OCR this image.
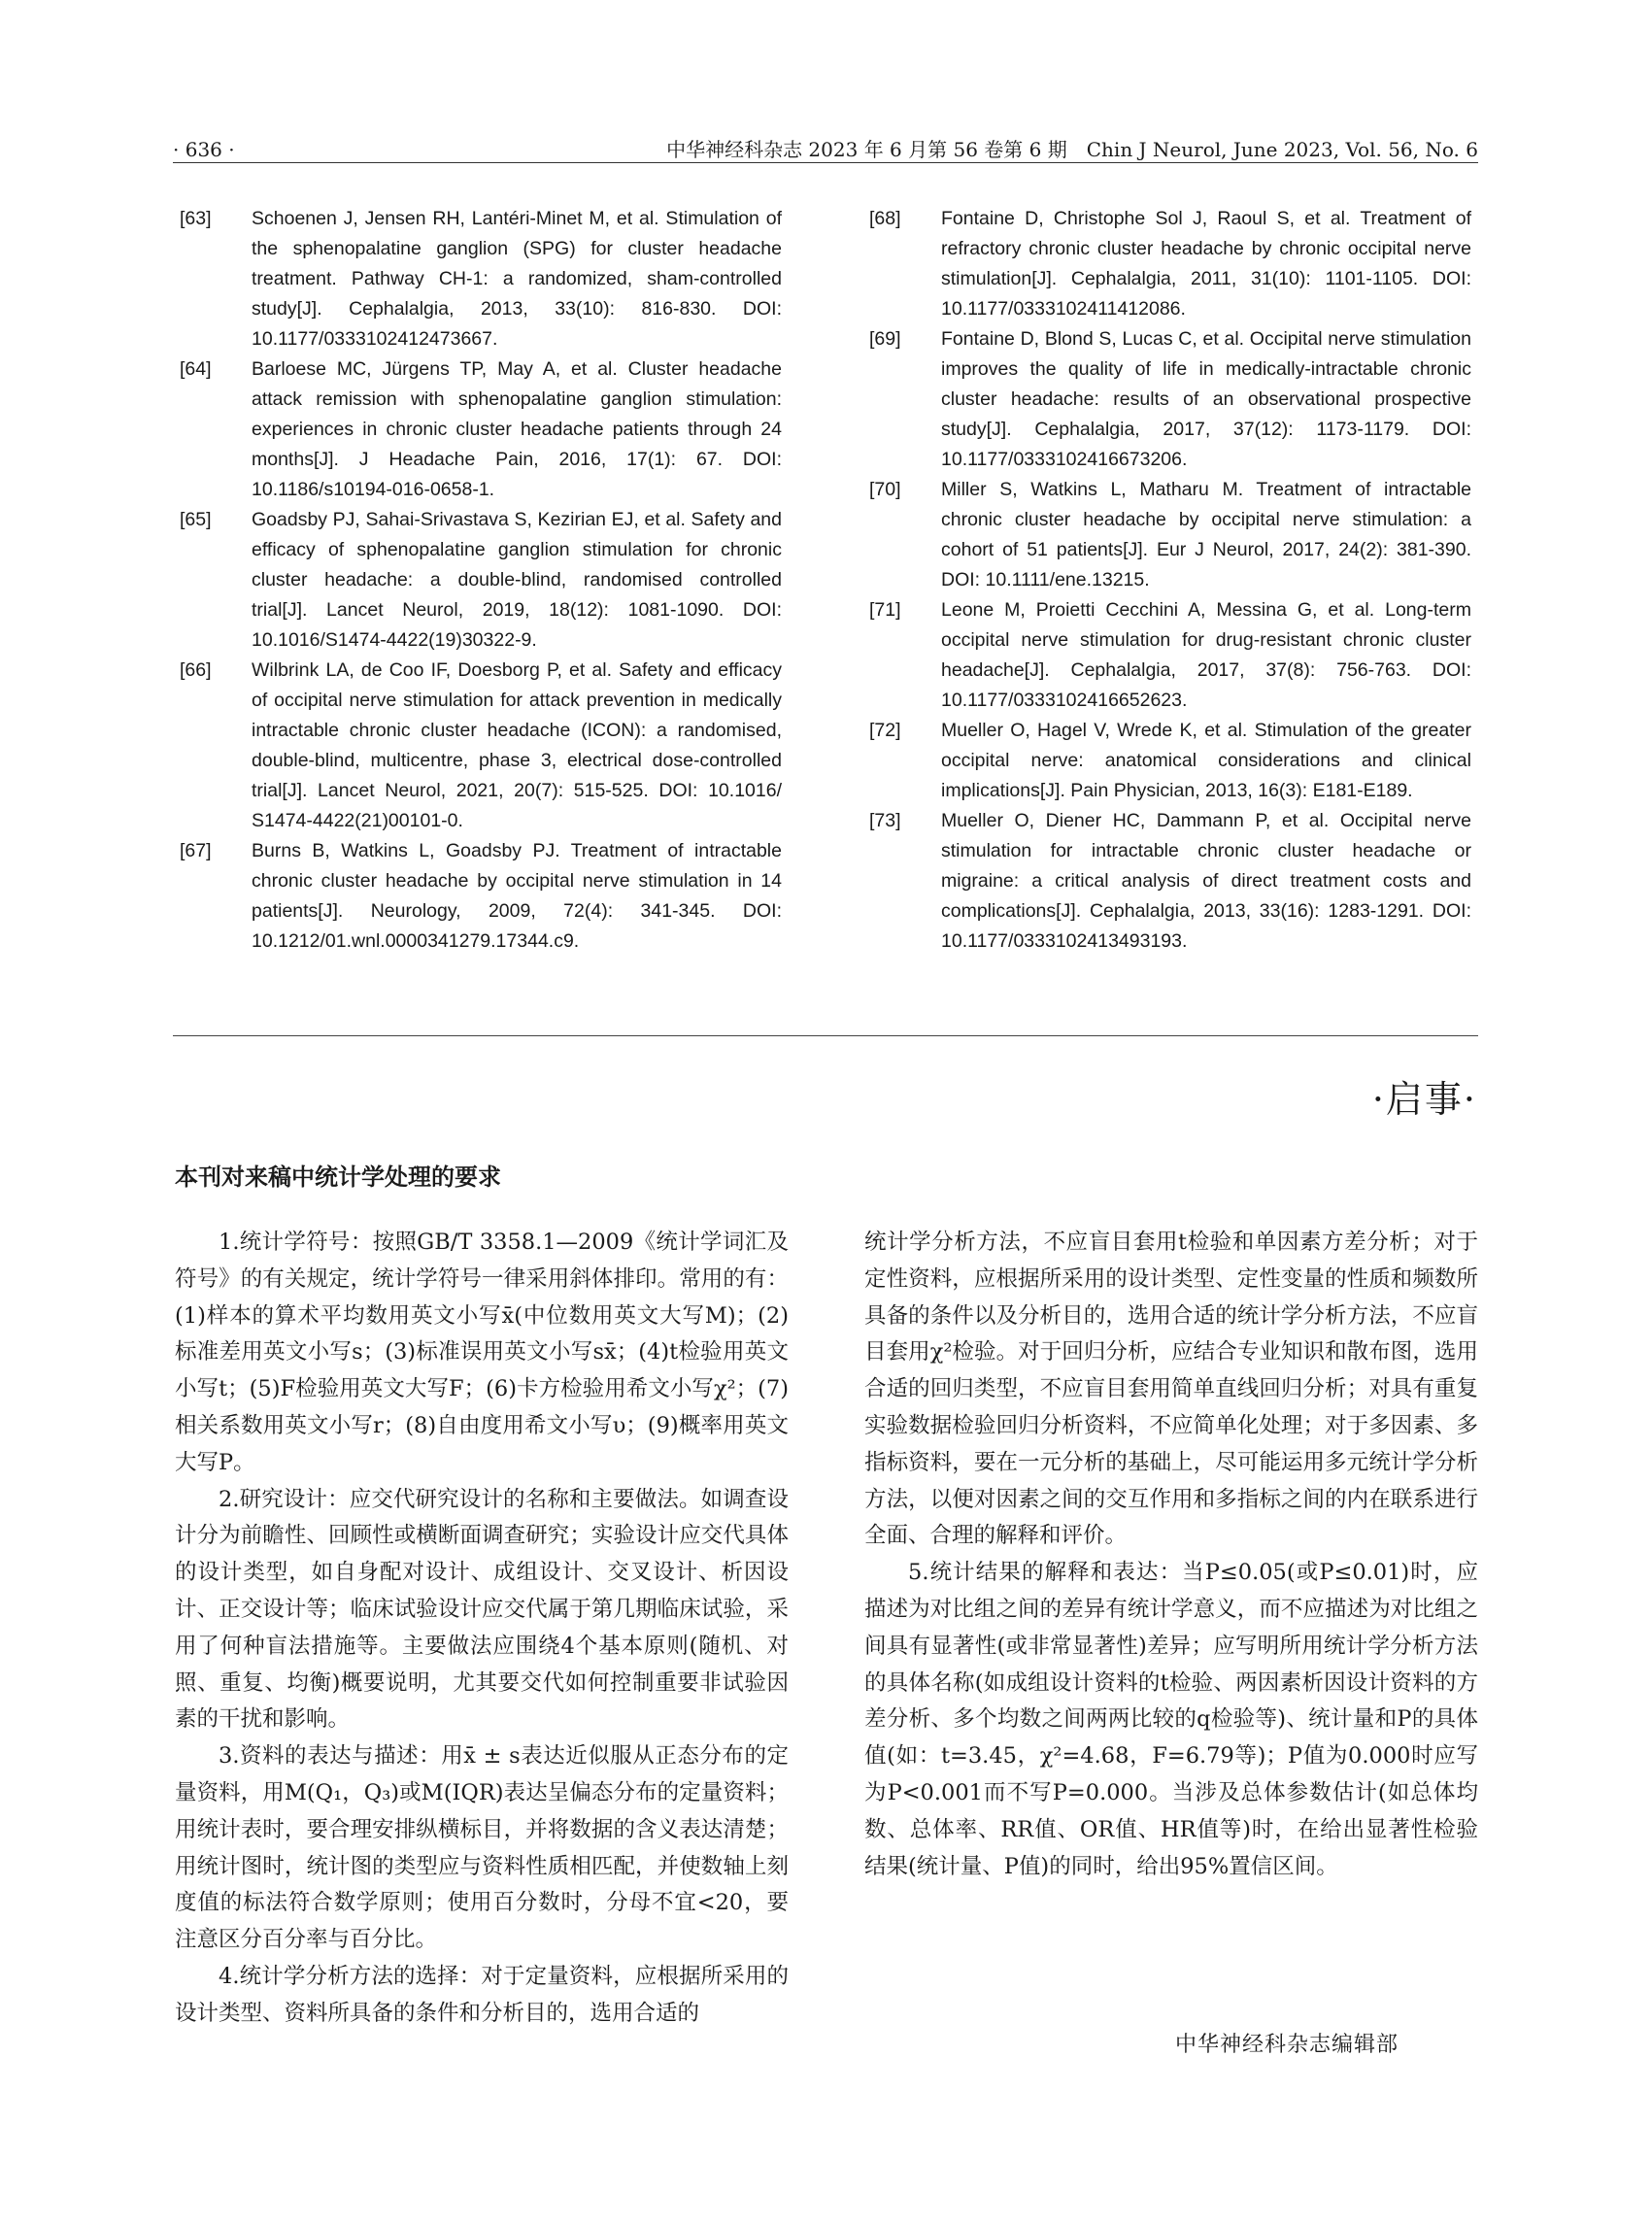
· 636 ·	中华神经科杂志 2023 年 6 月第 56 卷第 6 期　Chin J Neurol, June 2023, Vol. 56, No. 6
[63]	Schoenen J, Jensen RH, Lantéri-Minet M, et al. Stimulation of the sphenopalatine ganglion (SPG) for cluster headache treatment. Pathway CH-1: a randomized, sham-controlled study[J]. Cephalalgia, 2013, 33(10): 816-830. DOI: 10.1177/0333102412473667.
[64]	Barloese MC, Jürgens TP, May A, et al. Cluster headache attack remission with sphenopalatine ganglion stimulation: experiences in chronic cluster headache patients through 24 months[J]. J Headache Pain, 2016, 17(1): 67. DOI: 10.1186/s10194-016-0658-1.
[65]	Goadsby PJ, Sahai-Srivastava S, Kezirian EJ, et al. Safety and efficacy of sphenopalatine ganglion stimulation for chronic cluster headache: a double-blind, randomised controlled trial[J]. Lancet Neurol, 2019, 18(12): 1081-1090. DOI: 10.1016/S1474-4422(19)30322-9.
[66]	Wilbrink LA, de Coo IF, Doesborg P, et al. Safety and efficacy of occipital nerve stimulation for attack prevention in medically intractable chronic cluster headache (ICON): a randomised, double-blind, multicentre, phase 3, electrical dose-controlled trial[J]. Lancet Neurol, 2021, 20(7): 515-525. DOI: 10.1016/ S1474-4422(21)00101-0.
[67]	Burns B, Watkins L, Goadsby PJ. Treatment of intractable chronic cluster headache by occipital nerve stimulation in 14 patients[J]. Neurology, 2009, 72(4): 341-345. DOI: 10.1212/01.wnl.0000341279.17344.c9.
[68]	Fontaine D, Christophe Sol J, Raoul S, et al. Treatment of refractory chronic cluster headache by chronic occipital nerve stimulation[J]. Cephalalgia, 2011, 31(10): 1101-1105. DOI: 10.1177/0333102411412086.
[69]	Fontaine D, Blond S, Lucas C, et al. Occipital nerve stimulation improves the quality of life in medically-intractable chronic cluster headache: results of an observational prospective study[J]. Cephalalgia, 2017, 37(12): 1173-1179. DOI: 10.1177/0333102416673206.
[70]	Miller S, Watkins L, Matharu M. Treatment of intractable chronic cluster headache by occipital nerve stimulation: a cohort of 51 patients[J]. Eur J Neurol, 2017, 24(2): 381-390. DOI: 10.1111/ene.13215.
[71]	Leone M, Proietti Cecchini A, Messina G, et al. Long-term occipital nerve stimulation for drug-resistant chronic cluster headache[J]. Cephalalgia, 2017, 37(8): 756-763. DOI: 10.1177/0333102416652623.
[72]	Mueller O, Hagel V, Wrede K, et al. Stimulation of the greater occipital nerve: anatomical considerations and clinical implications[J]. Pain Physician, 2013, 16(3): E181-E189.
[73]	Mueller O, Diener HC, Dammann P, et al. Occipital nerve stimulation for intractable chronic cluster headache or migraine: a critical analysis of direct treatment costs and complications[J]. Cephalalgia, 2013, 33(16): 1283-1291. DOI: 10.1177/0333102413493193.
·启事·
本刊对来稿中统计学处理的要求

1.统计学符号：按照GB/T 3358.1—2009《统计学词汇及符号》的有关规定，统计学符号一律采用斜体排印。常用的有：(1)样本的算术平均数用英文小写x̄(中位数用英文大写M)；(2)标准差用英文小写s；(3)标准误用英文小写sx̄；(4)t检验用英文小写t；(5)F检验用英文大写F；(6)卡方检验用希文小写χ²；(7)相关系数用英文小写r；(8)自由度用希文小写υ；(9)概率用英文大写P。

2.研究设计：应交代研究设计的名称和主要做法。如调查设计分为前瞻性、回顾性或横断面调查研究；实验设计应交代具体的设计类型，如自身配对设计、成组设计、交叉设计、析因设计、正交设计等；临床试验设计应交代属于第几期临床试验，采用了何种盲法措施等。主要做法应围绕4个基本原则(随机、对照、重复、均衡)概要说明，尤其要交代如何控制重要非试验因素的干扰和影响。

3.资料的表达与描述：用x̄ ± s表达近似服从正态分布的定量资料，用M(Q₁，Q₃)或M(IQR)表达呈偏态分布的定量资料；用统计表时，要合理安排纵横标目，并将数据的含义表达清楚；用统计图时，统计图的类型应与资料性质相匹配，并使数轴上刻度值的标法符合数学原则；使用百分数时，分母不宜<20，要注意区分百分率与百分比。

4.统计学分析方法的选择：对于定量资料，应根据所采用的设计类型、资料所具备的条件和分析目的，选用合适的

统计学分析方法，不应盲目套用t检验和单因素方差分析；对于定性资料，应根据所采用的设计类型、定性变量的性质和频数所具备的条件以及分析目的，选用合适的统计学分析方法，不应盲目套用χ²检验。对于回归分析，应结合专业知识和散布图，选用合适的回归类型，不应盲目套用简单直线回归分析；对具有重复实验数据检验回归分析资料，不应简单化处理；对于多因素、多指标资料，要在一元分析的基础上，尽可能运用多元统计学分析方法，以便对因素之间的交互作用和多指标之间的内在联系进行全面、合理的解释和评价。

5.统计结果的解释和表达：当P≤0.05(或P≤0.01)时，应描述为对比组之间的差异有统计学意义，而不应描述为对比组之间具有显著性(或非常显著性)差异；应写明所用统计学分析方法的具体名称(如成组设计资料的t检验、两因素析因设计资料的方差分析、多个均数之间两两比较的q检验等)、统计量和P的具体值(如：t=3.45，χ²=4.68，F=6.79等)；P值为0.000时应写为P<0.001而不写P=0.000。当涉及总体参数估计(如总体均数、总体率、RR值、OR值、HR值等)时，在给出显著性检验结果(统计量、P值)的同时，给出95%置信区间。

中华神经科杂志编辑部
